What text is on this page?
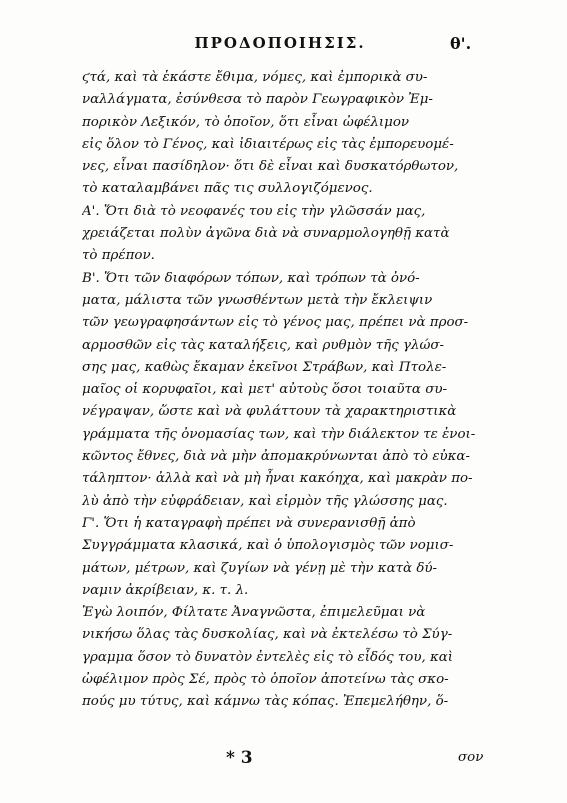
ΠΡΟΔΟΠΟΙΗΣΙΣ.	θ'.
ϛτά, καὶ τὰ ἑκάστε ἔθιμα, νόμες, καὶ ἐμπορικὰ συ-
ναλλάγματα, ἐσύνθεσα τὸ παρὸν Γεωγραφικὸν Ἐμ-
πορικὸν Λεξικόν, τὸ ὁποῖον, ὅτι εἶναι ὠφέλιμον
εἰς ὅλον τὸ Γένος, καὶ ἰδιαιτέρως εἰς τὰς ἐμπορευομέ-
νες, εἶναι πασίδηλον· ὅτι δὲ εἶναι καὶ δυσκατόρθωτον,
τὸ καταλαμβάνει πᾶς τις συλλογιζόμενος.
Α'. Ὅτι διὰ τὸ νεοφανές του εἰς τὴν γλῶσσάν μας,
χρειάζεται πολὺν ἀγῶνα διὰ νὰ συναρμολογηθῇ κατὰ
τὸ πρέπον.
Β'. Ὅτι τῶν διαφόρων τόπων, καὶ τρόπων τὰ ὀνό-
ματα, μάλιστα τῶν γνωσθέντων μετὰ τὴν ἔκλειψιν
τῶν γεωγραφησάντων εἰς τὸ γένος μας, πρέπει νὰ προσ-
αρμοσθῶν εἰς τὰς καταλήξεις, καὶ ρυθμὸν τῆς γλώσ-
σης μας, καθὼς ἔκαμαν ἐκεῖνοι Στράβων, καὶ Πτολε-
μαῖος οἱ κορυφαῖοι, καὶ μετ' αὐτοὺς ὅσοι τοιαῦτα συ-
νέγραψαν, ὥστε καὶ νὰ φυλάττουν τὰ χαρακτηριστικὰ
γράμματα τῆς ὀνομασίας των, καὶ τὴν διάλεκτον τε ἐνοι-
κῶντος ἔθνες, διὰ νὰ μὴν ἀπομακρύνωνται ἀπὸ τὸ εὐκα-
τάληπτον· ἀλλὰ καὶ νὰ μὴ ἦναι κακόηχα, καὶ μακρὰν πο-
λὺ ἀπὸ τὴν εὐφράδειαν, καὶ εἱρμὸν τῆς γλώσσης μας.
Γ'. Ὅτι ἡ καταγραφὴ πρέπει νὰ συνερανισθῇ ἀπὸ
Συγγράμματα κλασικά, καὶ ὁ ὑπολογισμὸς τῶν νομισ-
μάτων, μέτρων, καὶ ζυγίων νὰ γένῃ μὲ τὴν κατὰ δύ-
ναμιν ἀκρίβειαν, κ. τ. λ.
Ἐγὼ λοιπόν, Φίλτατε Ἀναγνῶστα, ἐπιμελεῦμαι νὰ
νικήσω ὅλας τὰς δυσκολίας, καὶ νὰ ἐκτελέσω τὸ Σύγ-
γραμμα ὅσον τὸ δυνατὸν ἐντελὲς εἰς τὸ εἶδός του, καὶ
ὠφέλιμον πρὸς Σέ, πρὸς τὸ ὁποῖον ἀποτείνω τὰς σκο-
πούς μυ τύτυς, καὶ κάμνω τὰς κόπας. Ἐπεμελήθην, ὅ-
* 3	σον
